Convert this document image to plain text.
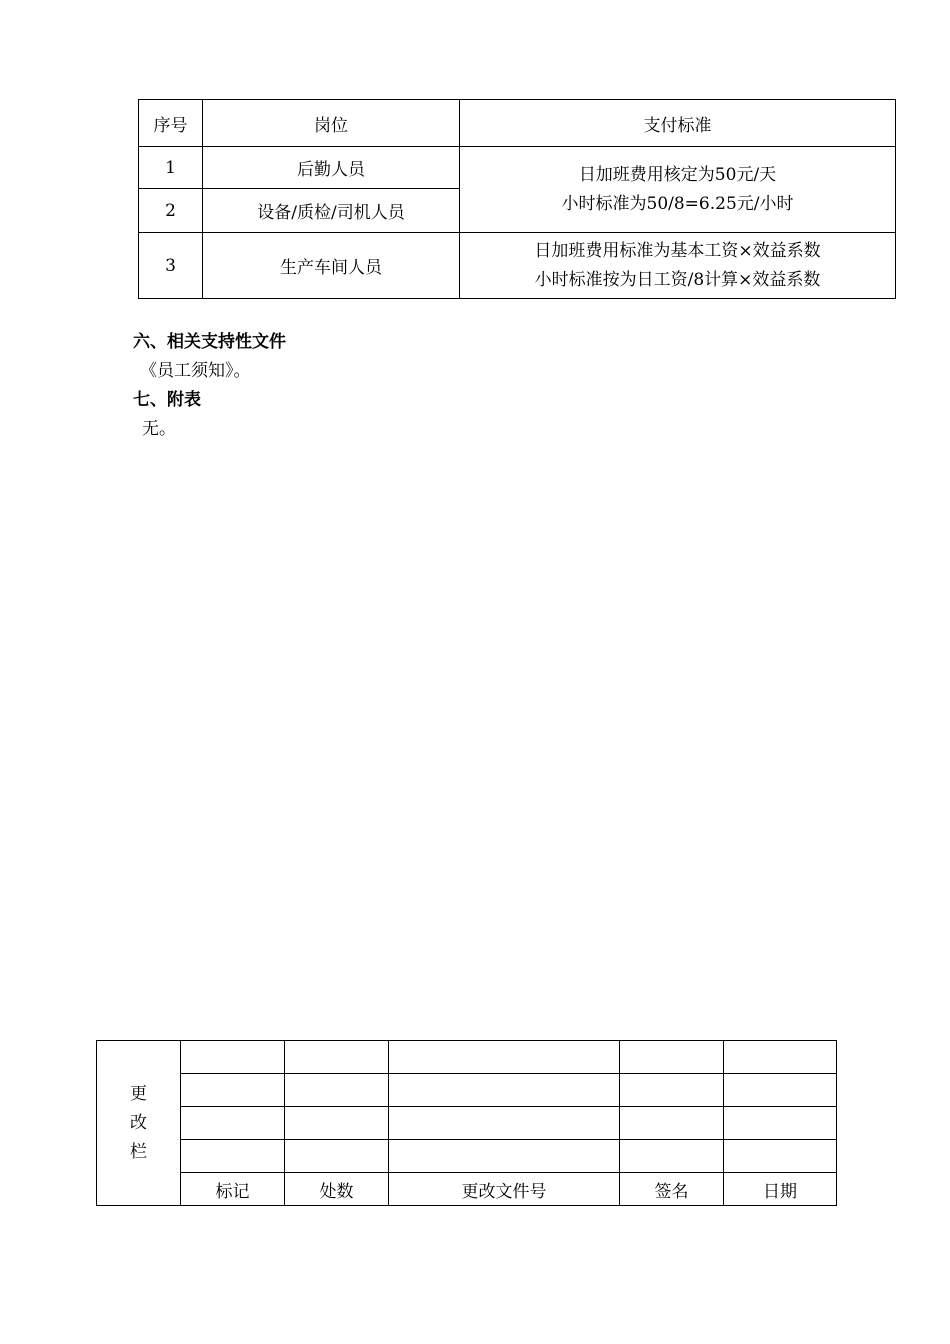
序号	岗位	支付标准
1	后勤人员	日加班费用核定为50元/天
小时标准为50/8=6.25元/小时

2	设备/质检/司机人员	
3	生产车间人员	日加班费用标准为基本工资×效益系数
小时标准按为日工资/8计算×效益系数
六、相关支持性文件
《员工须知》。
七、附表
无。
更
改
栏					

	标记	处数	更改文件号	签名	日期
